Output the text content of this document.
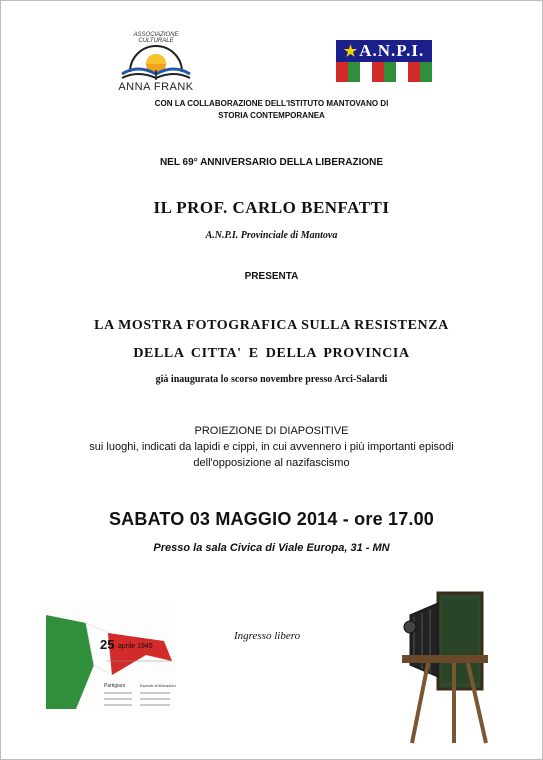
ASSOCIAZIONE CULTURALE
ANNA FRANK
★A.N.P.I.
CON LA COLLABORAZIONE DELL'ISTITUTO MANTOVANO DI
STORIA CONTEMPORANEA
NEL 69° ANNIVERSARIO DELLA LIBERAZIONE
IL PROF. CARLO BENFATTI
A.N.P.I. Provinciale di Mantova
PRESENTA
LA MOSTRA FOTOGRAFICA SULLA RESISTENZA
DELLA CITTA' E DELLA PROVINCIA
già inaugurata lo scorso novembre presso Arci-Salardi
PROIEZIONE DI DIAPOSITIVE
sui luoghi, indicati da lapidi e cippi, in cui avvennero i più importanti episodi
dell'opposizione al nazifascismo
SABATO 03 MAGGIO 2014 - ore 17.00
Presso la sala Civica di Viale Europa, 31 - MN
25 aprile 1945
Partigiani	Eserciti di liberazione
Ingresso libero
